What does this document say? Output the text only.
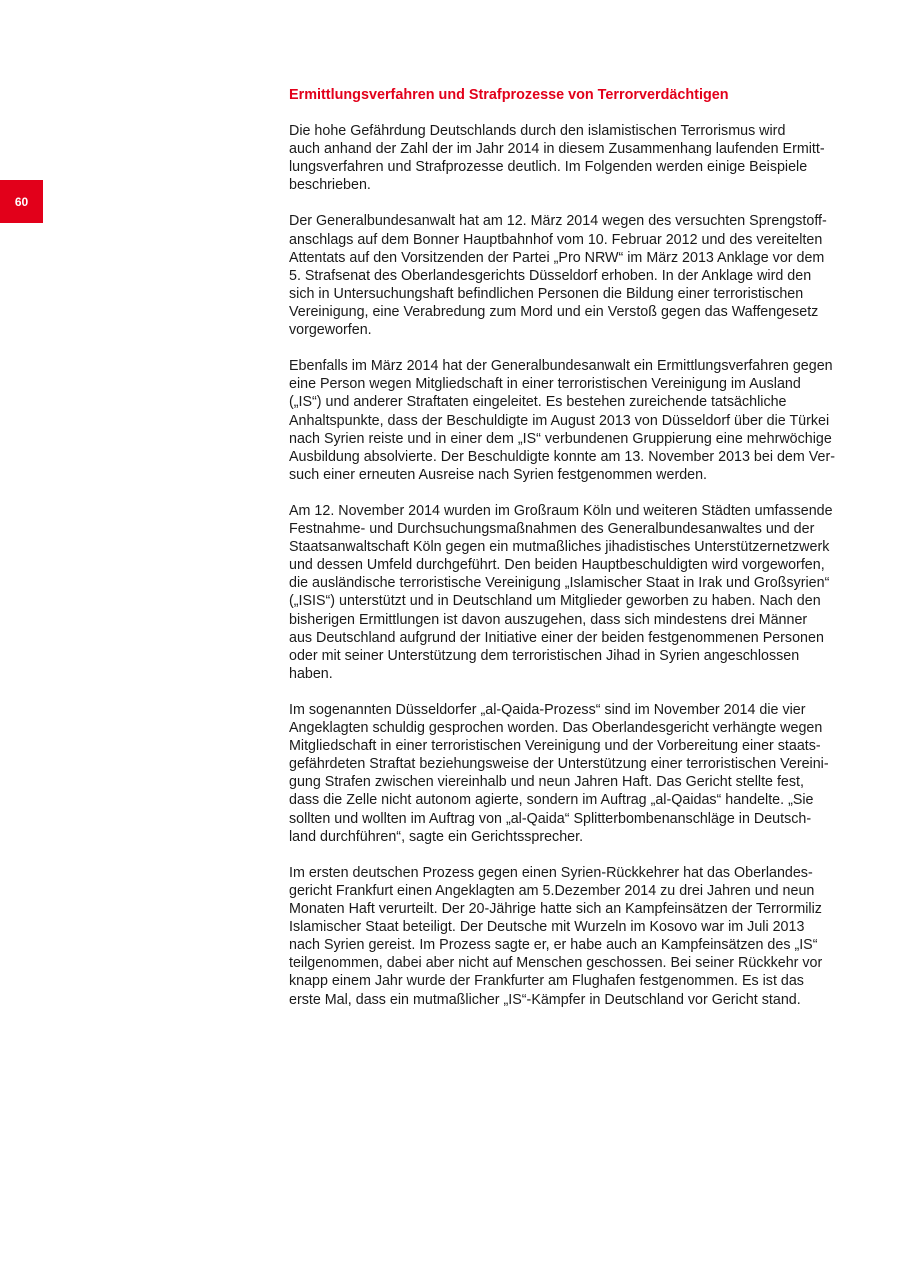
60
Ermittlungsverfahren und Strafprozesse von Terrorverdächtigen
Die hohe Gefährdung Deutschlands durch den islamistischen Terrorismus wird
auch anhand der Zahl der im Jahr 2014 in diesem Zusammenhang laufenden Ermitt-
lungsverfahren und Strafprozesse deutlich. Im Folgenden werden einige Beispiele
beschrieben.
Der Generalbundesanwalt hat am 12. März 2014 wegen des versuchten Sprengstoff-
anschlags auf dem Bonner Hauptbahnhof vom 10. Februar 2012 und des vereitelten
Attentats auf den Vorsitzenden der Partei „Pro NRW“ im März 2013 Anklage vor dem
5. Strafsenat des Oberlandesgerichts Düsseldorf erhoben. In der Anklage wird den
sich in Untersuchungshaft befindlichen Personen die Bildung einer terroristischen
Vereinigung, eine Verabredung zum Mord und ein Verstoß gegen das Waffengesetz
vorgeworfen.
Ebenfalls im März 2014 hat der Generalbundesanwalt ein Ermittlungsverfahren gegen
eine Person wegen Mitgliedschaft in einer terroristischen Vereinigung im Ausland
(„IS“) und anderer Straftaten eingeleitet. Es bestehen zureichende tatsächliche
Anhaltspunkte, dass der Beschuldigte im August 2013 von Düsseldorf über die Türkei
nach Syrien reiste und in einer dem „IS“ verbundenen Gruppierung eine mehrwöchige
Ausbildung absolvierte. Der Beschuldigte konnte am 13. November 2013 bei dem Ver-
such einer erneuten Ausreise nach Syrien festgenommen werden.
Am 12. November 2014 wurden im Großraum Köln und weiteren Städten umfassende
Festnahme- und Durchsuchungsmaßnahmen des Generalbundesanwaltes und der
Staatsanwaltschaft Köln gegen ein mutmaßliches jihadistisches Unterstützernetzwerk
und dessen Umfeld durchgeführt. Den beiden Hauptbeschuldigten wird vorgeworfen,
die ausländische terroristische Vereinigung „Islamischer Staat in Irak und Großsyrien“
(„ISIS“) unterstützt und in Deutschland um Mitglieder geworben zu haben. Nach den
bisherigen Ermittlungen ist davon auszugehen, dass sich mindestens drei Männer
aus Deutschland aufgrund der Initiative einer der beiden festgenommenen Personen
oder mit seiner Unterstützung dem terroristischen Jihad in Syrien angeschlossen
haben.
Im sogenannten Düsseldorfer „al-Qaida-Prozess“ sind im November 2014 die vier
Angeklagten schuldig gesprochen worden. Das Oberlandesgericht verhängte wegen
Mitgliedschaft in einer terroristischen Vereinigung und der Vorbereitung einer staats-
gefährdeten Straftat beziehungsweise der Unterstützung einer terroristischen Vereini-
gung Strafen zwischen viereinhalb und neun Jahren Haft. Das Gericht stellte fest,
dass die Zelle nicht autonom agierte, sondern im Auftrag „al-Qaidas“ handelte. „Sie
sollten und wollten im Auftrag von „al-Qaida“ Splitterbombenanschläge in Deutsch-
land durchführen“, sagte ein Gerichtssprecher.
Im ersten deutschen Prozess gegen einen Syrien-Rückkehrer hat das Oberlandes-
gericht Frankfurt einen Angeklagten am 5.Dezember 2014 zu drei Jahren und neun
Monaten Haft verurteilt. Der 20-Jährige hatte sich an Kampfeinsätzen der Terrormiliz
Islamischer Staat beteiligt. Der Deutsche mit Wurzeln im Kosovo war im Juli 2013
nach Syrien gereist. Im Prozess sagte er, er habe auch an Kampfeinsätzen des „IS“
teilgenommen, dabei aber nicht auf Menschen geschossen. Bei seiner Rückkehr vor
knapp einem Jahr wurde der Frankfurter am Flughafen festgenommen. Es ist das
erste Mal, dass ein mutmaßlicher „IS“-Kämpfer in Deutschland vor Gericht stand.
